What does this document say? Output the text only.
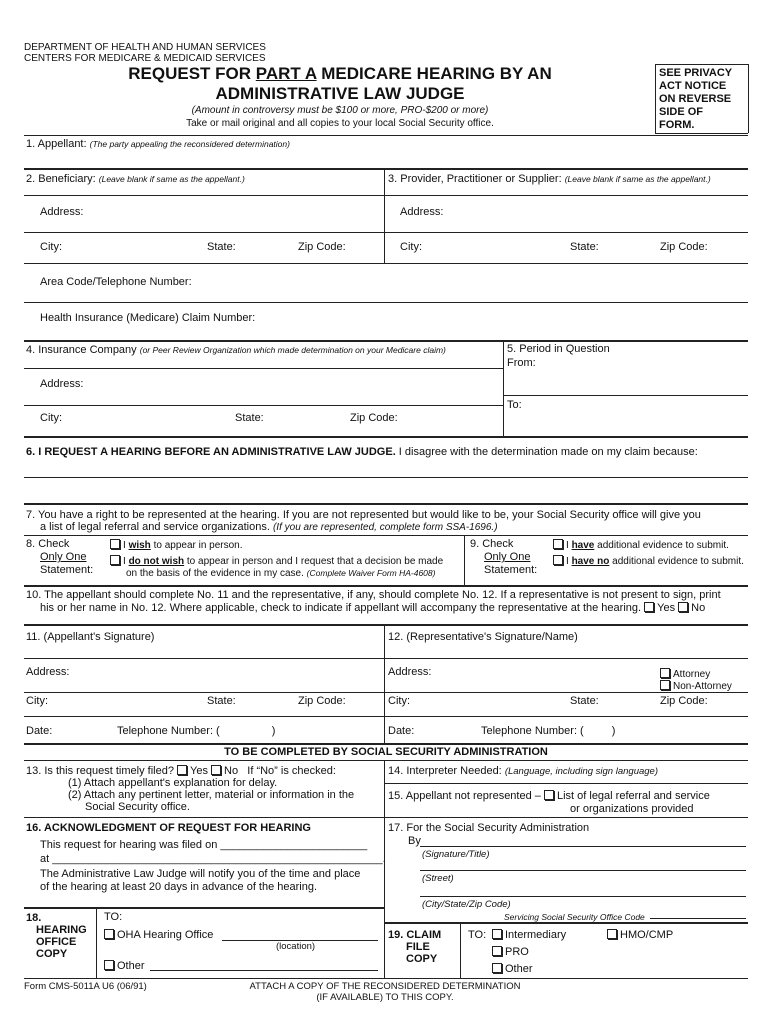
DEPARTMENT OF HEALTH AND HUMAN SERVICES
CENTERS FOR MEDICARE & MEDICAID SERVICES
REQUEST FOR PART A MEDICARE HEARING BY AN
ADMINISTRATIVE LAW JUDGE
(Amount in controversy must be $100 or more, PRO-$200 or more)
Take or mail original and all copies to your local Social Security office.
SEE PRIVACY
ACT NOTICE
ON REVERSE
SIDE OF
FORM.
1. Appellant: (The party appealing the reconsidered determination)
2. Beneficiary: (Leave blank if same as the appellant.)	3. Provider, Practitioner or Supplier: (Leave blank if same as the appellant.)
Address:	Address:
City:	State:	Zip Code:	City:	State:	Zip Code:
Area Code/Telephone Number:
Health Insurance (Medicare) Claim Number:
4. Insurance Company (or Peer Review Organization which made determination on your Medicare claim)	5. Period in Question
From:
Address:
To:
City:	State:	Zip Code:
6. I REQUEST A HEARING BEFORE AN ADMINISTRATIVE LAW JUDGE. I disagree with the determination made on my claim because:
7. You have a right to be represented at the hearing. If you are not represented but would like to be, your Social Security office will give you
a list of legal referral and service organizations. (If you are represented, complete form SSA-1696.)
8. Check
Only One
Statement:
I wish to appear in person.
I do not wish to appear in person and I request that a decision be made
on the basis of the evidence in my case. (Complete Waiver Form HA-4608)
9. Check
Only One
Statement:
I have additional evidence to submit.
I have no additional evidence to submit.
10. The appellant should complete No. 11 and the representative, if any, should complete No. 12. If a representative is not present to sign, print
his or her name in No. 12. Where applicable, check to indicate if appellant will accompany the representative at the hearing. Yes No
11. (Appellant's Signature)	12. (Representative's Signature/Name)
Address:	Address:	Attorney
Non-Attorney
City:	State:	Zip Code:	City:	State:	Zip Code:
Date:	Telephone Number: (	)	Date:	Telephone Number: (	)
TO BE COMPLETED BY SOCIAL SECURITY ADMINISTRATION
13. Is this request timely filed? Yes No If “No” is checked:
(1) Attach appellant's explanation for delay.
(2) Attach any pertinent letter, material or information in the
Social Security office.
14. Interpreter Needed: (Language, including sign language)
15. Appellant not represented – List of legal referral and service
or organizations provided
16. ACKNOWLEDGMENT OF REQUEST FOR HEARING
This request for hearing was filed on ________________________
at ______________________________________________________.
The Administrative Law Judge will notify you of the time and place
of the hearing at least 20 days in advance of the hearing.
17. For the Social Security Administration
By
(Signature/Title)
(Street)
(City/State/Zip Code)
Servicing Social Security Office Code
18.
HEARING
OFFICE
COPY
TO:
OHA Hearing Office
(location)
Other
19. CLAIM
FILE
COPY
TO:	Intermediary	HMO/CMP
PRO
Other
Form CMS-5011A U6 (06/91)	ATTACH A COPY OF THE RECONSIDERED DETERMINATION
(IF AVAILABLE) TO THIS COPY.
